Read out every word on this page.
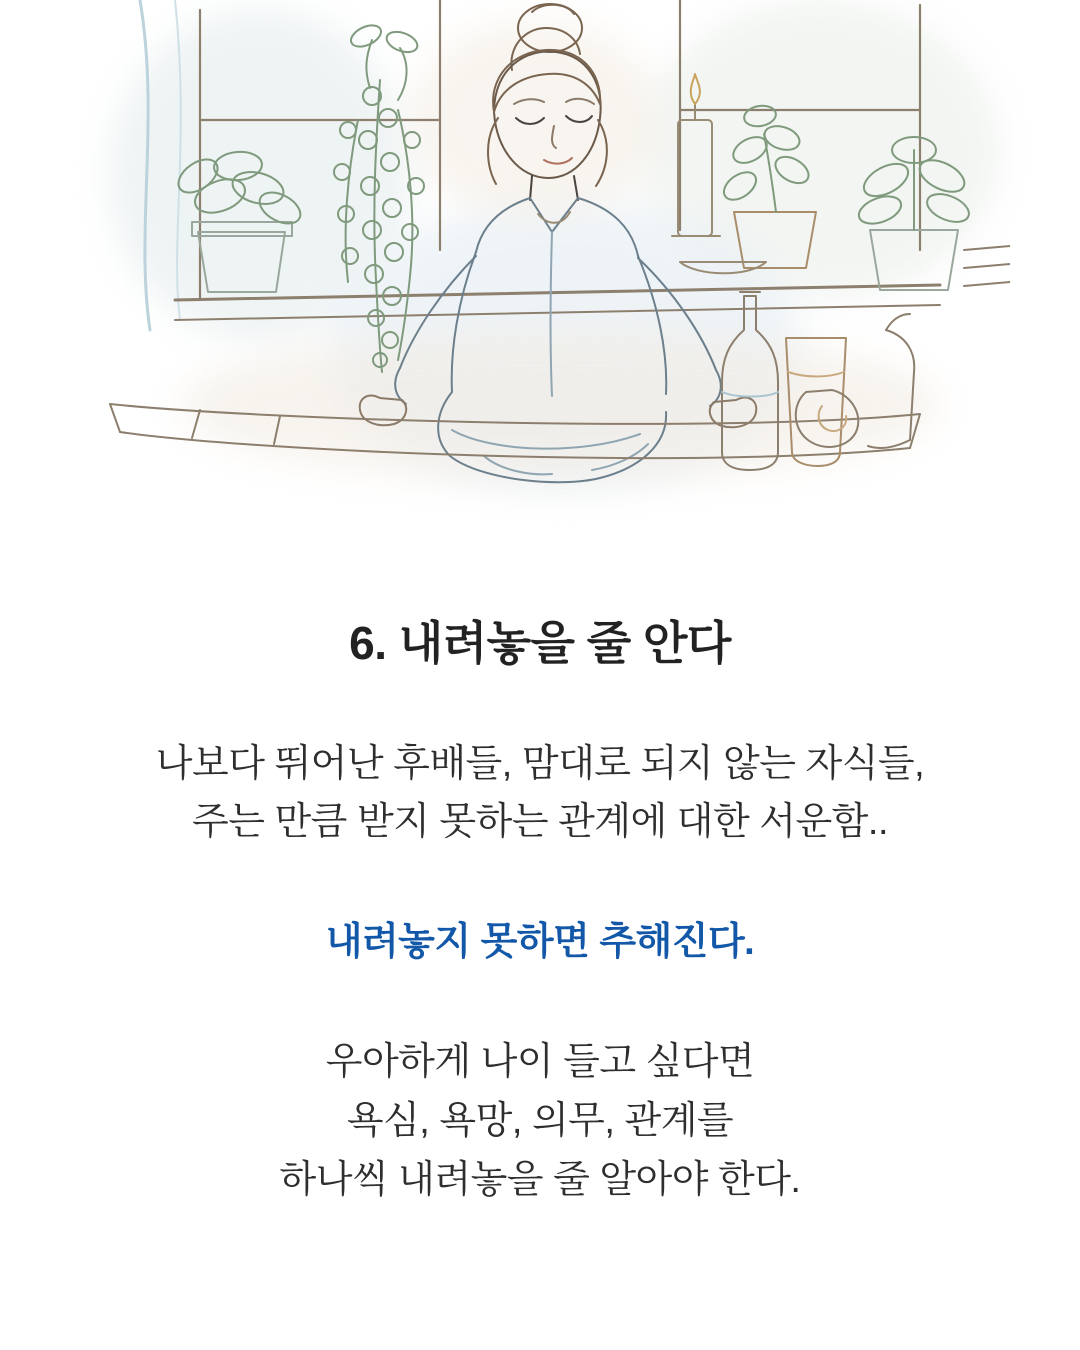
6. 내려놓을 줄 안다

나보다 뛰어난 후배들, 맘대로 되지 않는 자식들,
주는 만큼 받지 못하는 관계에 대한 서운함..

내려놓지 못하면 추해진다.

우아하게 나이 들고 싶다면
욕심, 욕망, 의무, 관계를
하나씩 내려놓을 줄 알아야 한다.
